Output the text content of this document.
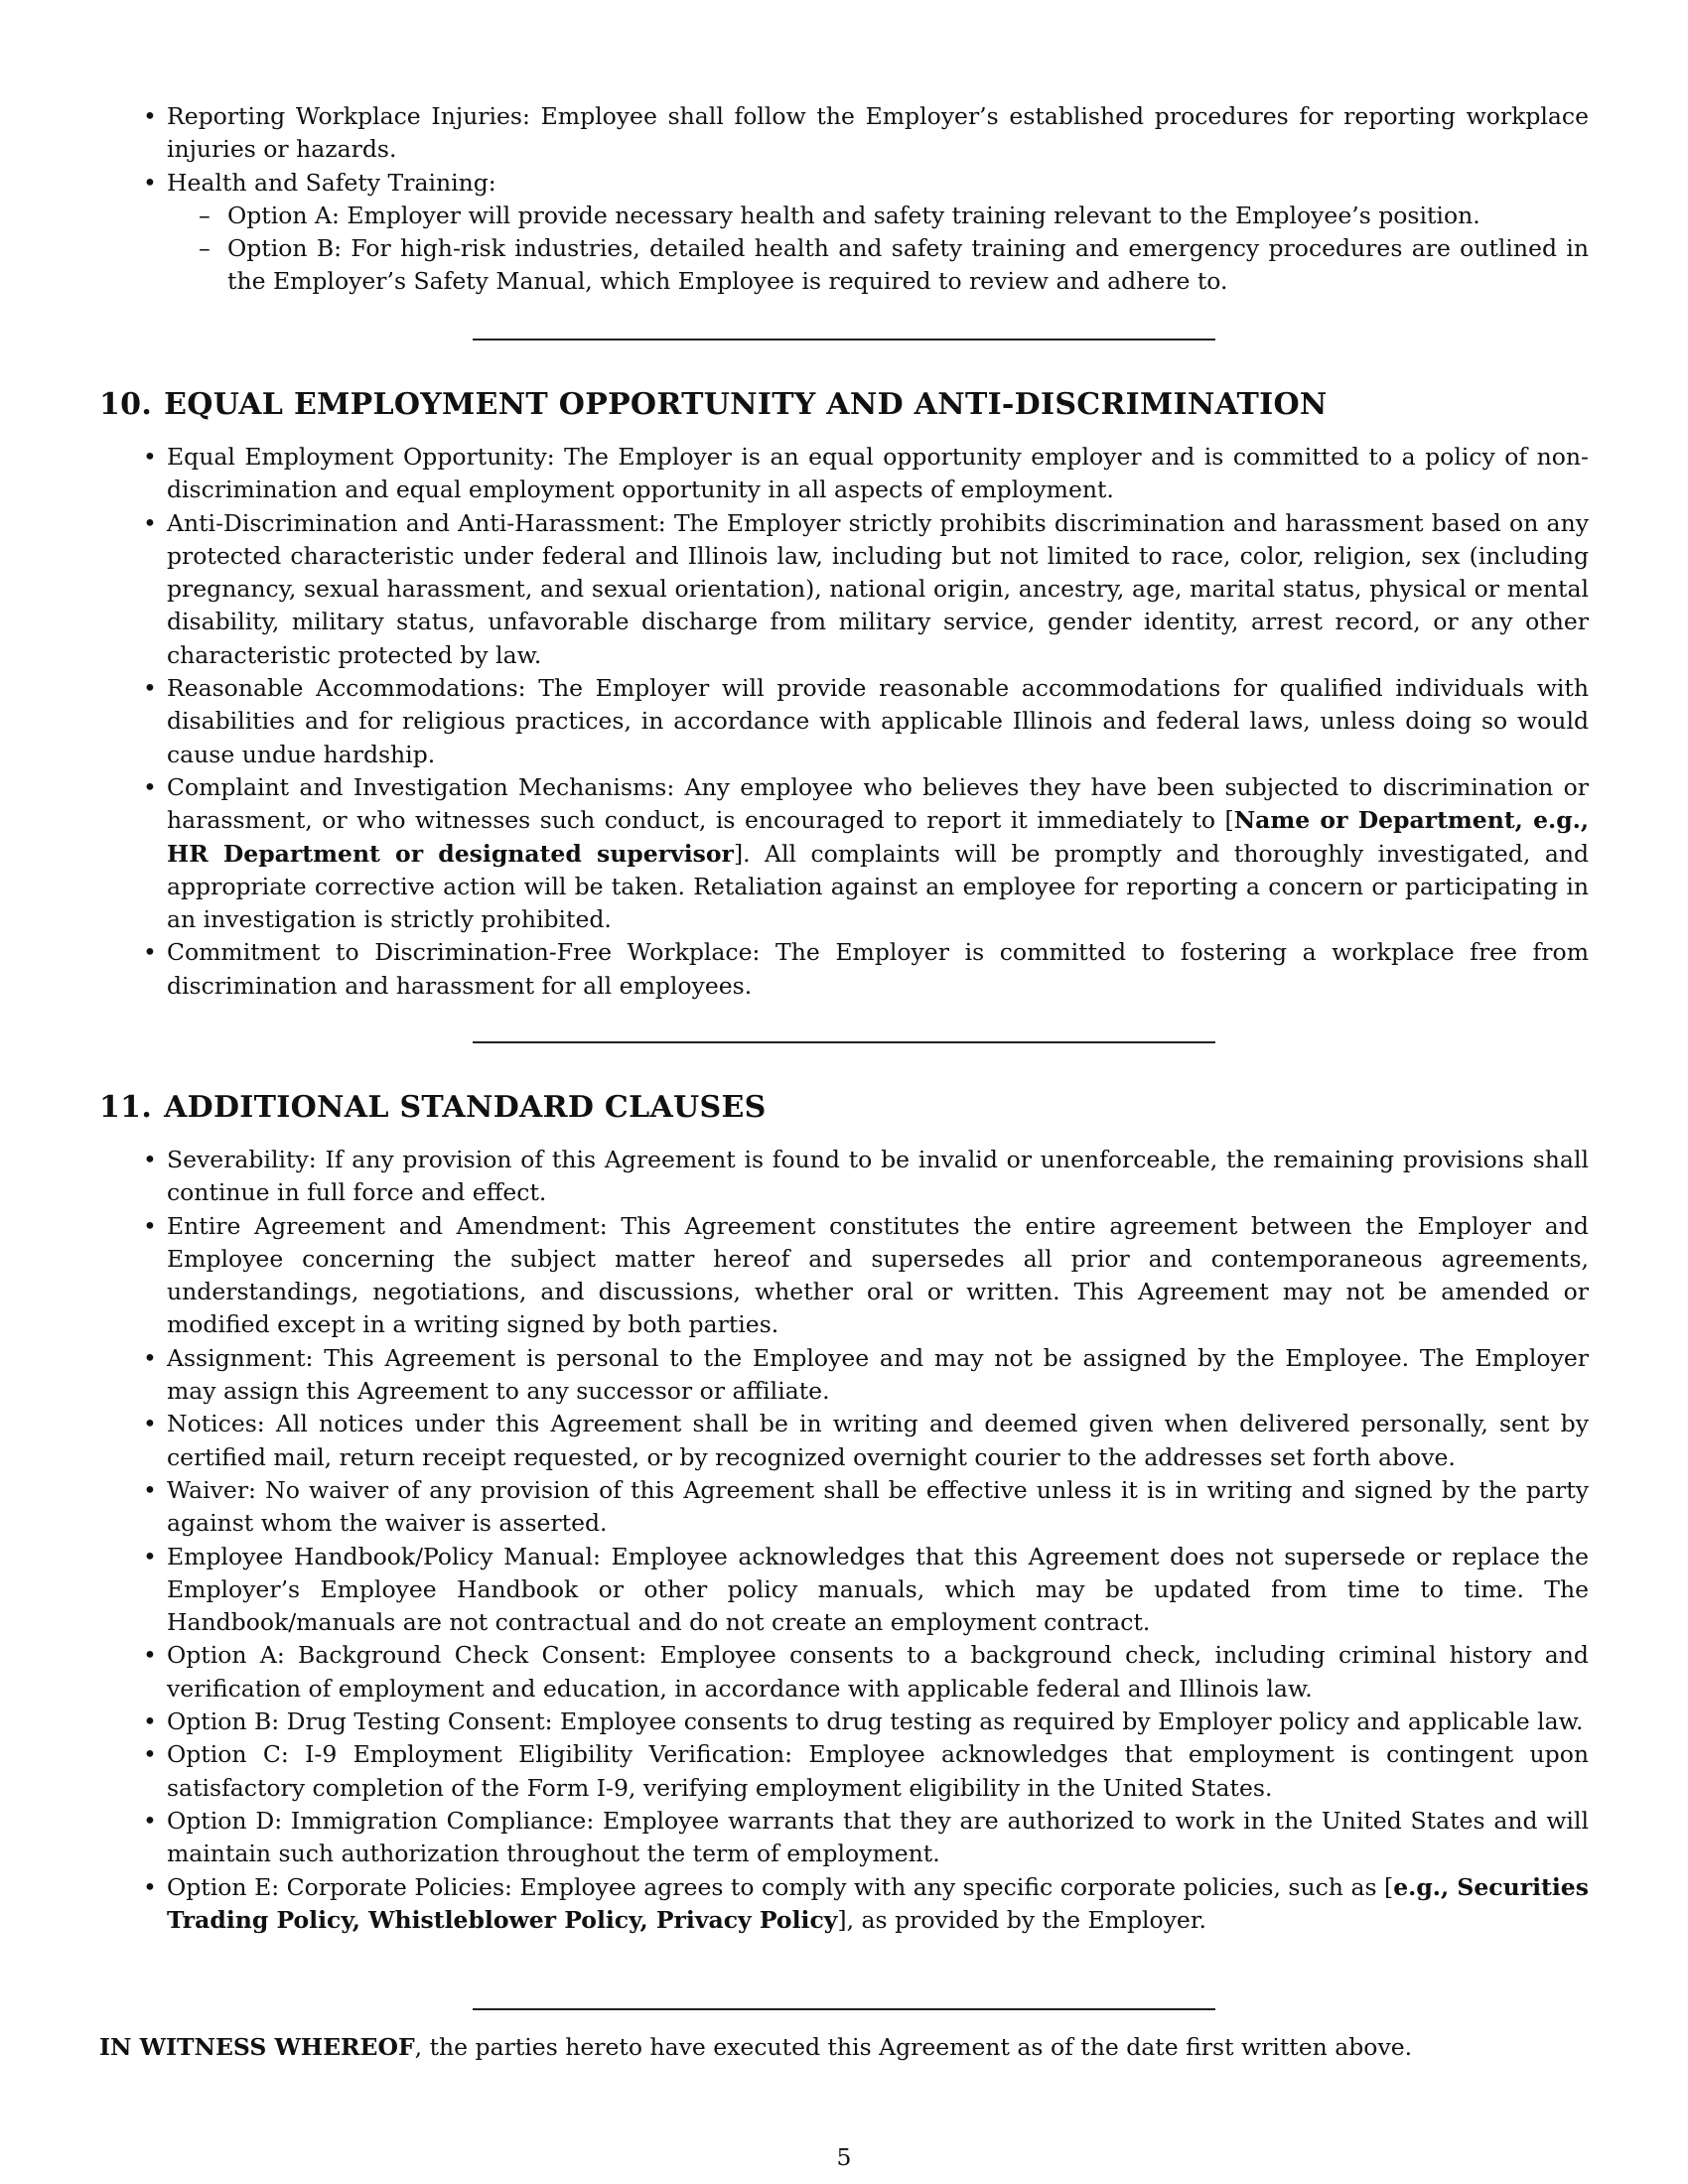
• Reporting Workplace Injuries: Employee shall follow the Employer’s established procedures for reporting workplace injuries or hazards.
• Health and Safety Training:
– Option A: Employer will provide necessary health and safety training relevant to the Employee’s position.
– Option B: For high-risk industries, detailed health and safety training and emergency procedures are outlined in the Employer’s Safety Manual, which Employee is required to review and adhere to.
10. EQUAL EMPLOYMENT OPPORTUNITY AND ANTI-DISCRIMINATION
• Equal Employment Opportunity: The Employer is an equal opportunity employer and is committed to a policy of non-discrimination and equal employment opportunity in all aspects of employment.
• Anti-Discrimination and Anti-Harassment: The Employer strictly prohibits discrimination and harassment based on any protected characteristic under federal and Illinois law, including but not limited to race, color, religion, sex (including pregnancy, sexual harassment, and sexual orientation), national origin, ancestry, age, marital status, physical or mental disability, military status, unfavorable discharge from military service, gender identity, arrest record, or any other characteristic protected by law.
• Reasonable Accommodations: The Employer will provide reasonable accommodations for qualified individuals with disabilities and for religious practices, in accordance with applicable Illinois and federal laws, unless doing so would cause undue hardship.
• Complaint and Investigation Mechanisms: Any employee who believes they have been subjected to discrimination or harassment, or who witnesses such conduct, is encouraged to report it immediately to [Name or Department, e.g., HR Department or designated supervisor]. All complaints will be promptly and thoroughly investigated, and appropriate corrective action will be taken. Retaliation against an employee for reporting a concern or participating in an investigation is strictly prohibited.
• Commitment to Discrimination-Free Workplace: The Employer is committed to fostering a workplace free from discrimination and harassment for all employees.
11. ADDITIONAL STANDARD CLAUSES
• Severability: If any provision of this Agreement is found to be invalid or unenforceable, the remaining provisions shall continue in full force and effect.
• Entire Agreement and Amendment: This Agreement constitutes the entire agreement between the Employer and Employee concerning the subject matter hereof and supersedes all prior and contemporaneous agreements, understandings, negotiations, and discussions, whether oral or written. This Agreement may not be amended or modified except in a writing signed by both parties.
• Assignment: This Agreement is personal to the Employee and may not be assigned by the Employee. The Employer may assign this Agreement to any successor or affiliate.
• Notices: All notices under this Agreement shall be in writing and deemed given when delivered personally, sent by certified mail, return receipt requested, or by recognized overnight courier to the addresses set forth above.
• Waiver: No waiver of any provision of this Agreement shall be effective unless it is in writing and signed by the party against whom the waiver is asserted.
• Employee Handbook/Policy Manual: Employee acknowledges that this Agreement does not supersede or replace the Employer’s Employee Handbook or other policy manuals, which may be updated from time to time. The Handbook/manuals are not contractual and do not create an employment contract.
• Option A: Background Check Consent: Employee consents to a background check, including criminal history and verification of employment and education, in accordance with applicable federal and Illinois law.
• Option B: Drug Testing Consent: Employee consents to drug testing as required by Employer policy and applicable law.
• Option C: I-9 Employment Eligibility Verification: Employee acknowledges that employment is contingent upon satisfactory completion of the Form I-9, verifying employment eligibility in the United States.
• Option D: Immigration Compliance: Employee warrants that they are authorized to work in the United States and will maintain such authorization throughout the term of employment.
• Option E: Corporate Policies: Employee agrees to comply with any specific corporate policies, such as [e.g., Securities Trading Policy, Whistleblower Policy, Privacy Policy], as provided by the Employer.
IN WITNESS WHEREOF, the parties hereto have executed this Agreement as of the date first written above.
5
